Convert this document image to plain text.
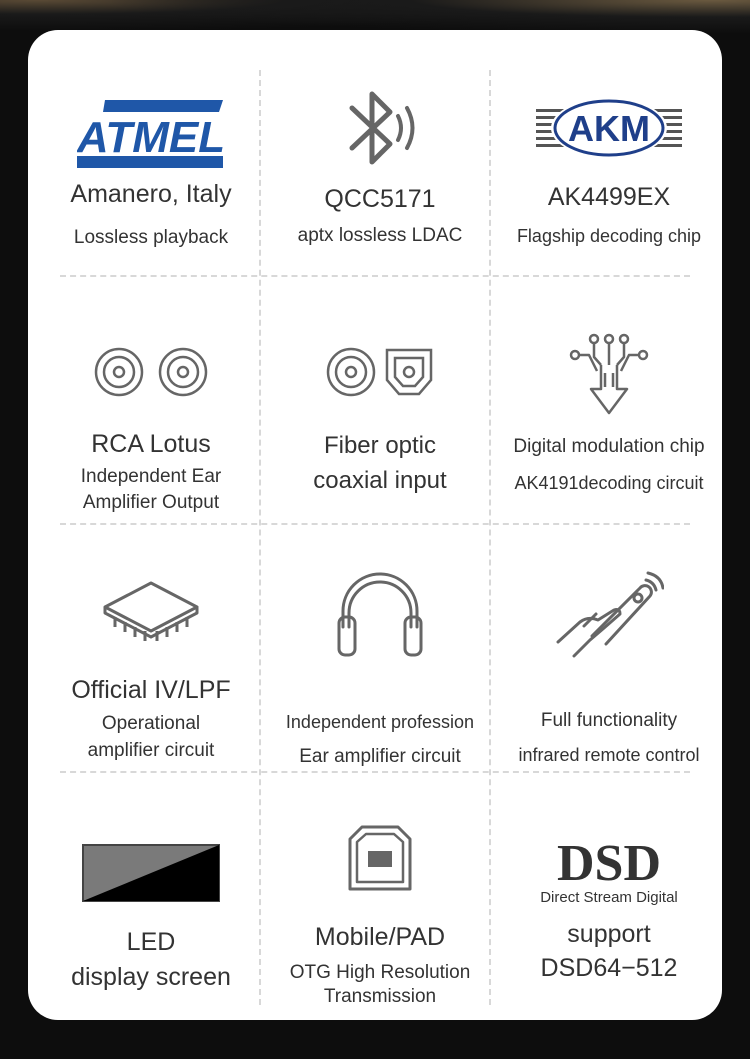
ATMEL
Amanero, Italy
Lossless playback
QCC5171
aptx lossless LDAC
AKM
AK4499EX
Flagship decoding chip
RCA Lotus
Independent Ear
Amplifier Output
Fiber optic
coaxial input
Digital modulation chip
AK4191decoding circuit
Official IV/LPF
Operational
amplifier circuit
Independent profession
Ear amplifier circuit
Full functionality
infrared remote control
LED
display screen
Mobile/PAD
OTG High Resolution
Transmission
DSD
Direct Stream Digital
support
DSD64−512
